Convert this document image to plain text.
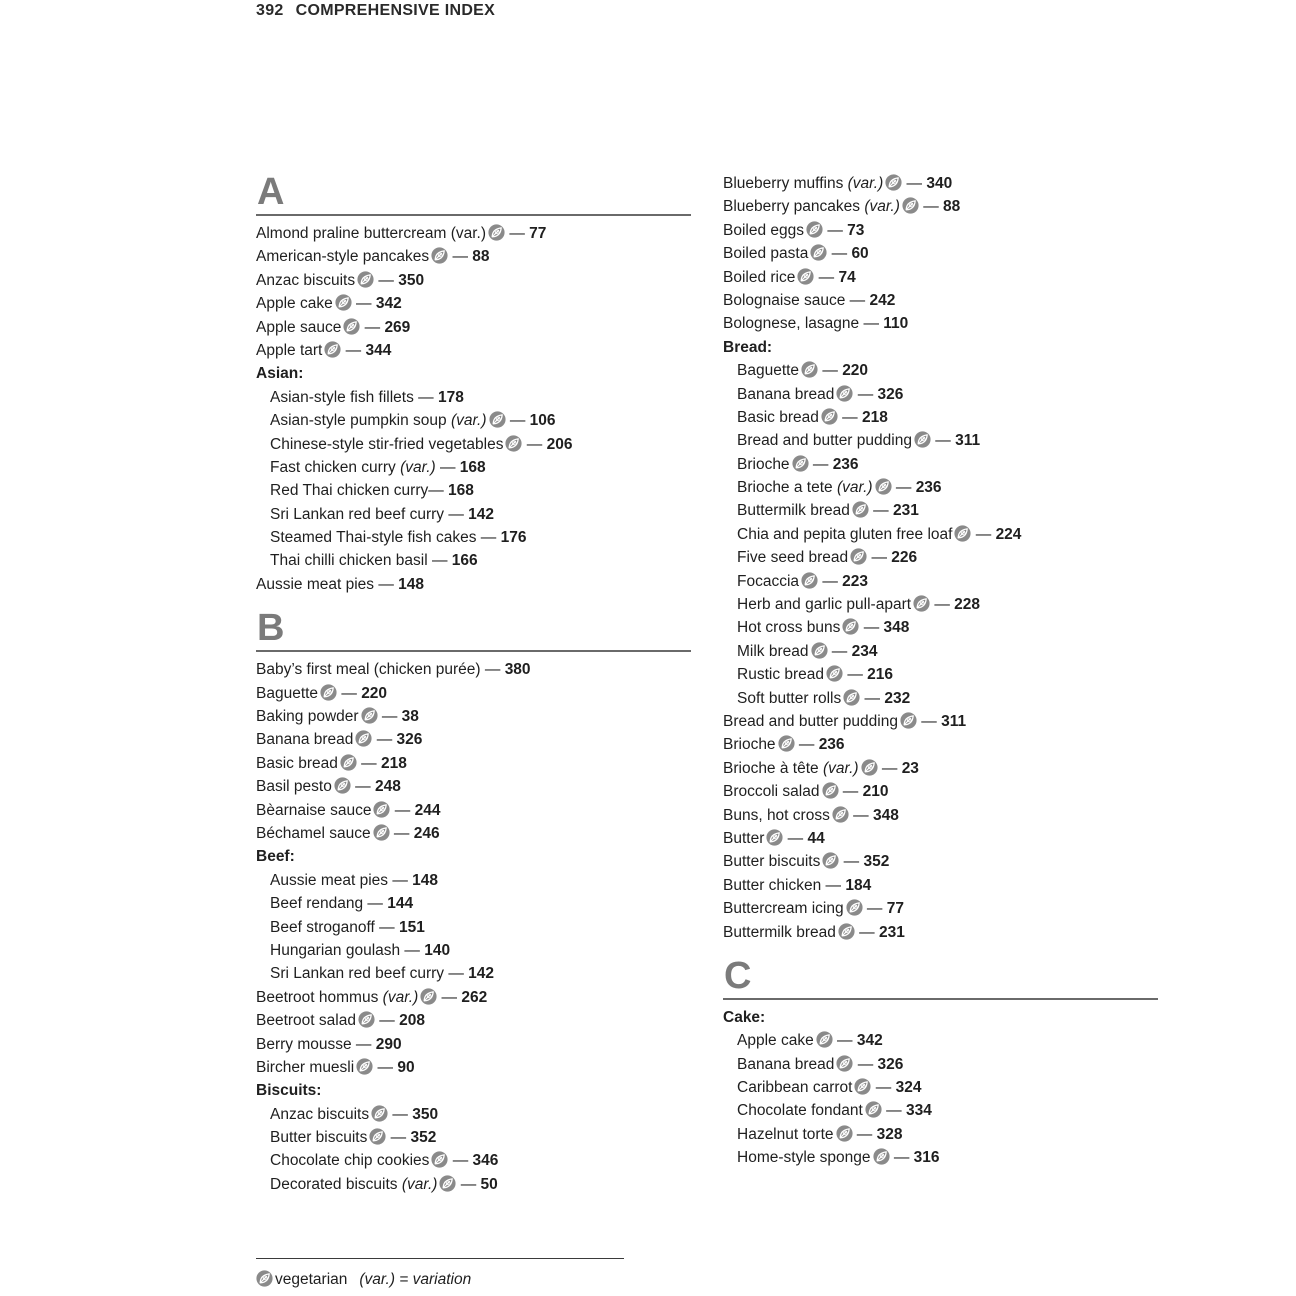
392 COMPREHENSIVE INDEX
A
Almond praline buttercream (var.)
— 77
American-style pancakes
— 88
Anzac biscuits
— 350
Apple cake
— 342
Apple sauce
— 269
Apple tart
— 344
Asian:
Asian-style fish fillets — 178
Asian-style pumpkin soup (var.)
— 106
Chinese-style stir-fried vegetables
— 206
Fast chicken curry (var.) — 168
Red Thai chicken curry— 168
Sri Lankan red beef curry — 142
Steamed Thai-style fish cakes — 176
Thai chilli chicken basil — 166
Aussie meat pies — 148
B
Baby’s first meal (chicken purée) — 380
Baguette
— 220
Baking powder
— 38
Banana bread
— 326
Basic bread
— 218
Basil pesto
— 248
Bèarnaise sauce
— 244
Béchamel sauce
— 246
Beef:
Aussie meat pies — 148
Beef rendang — 144
Beef stroganoff — 151
Hungarian goulash — 140
Sri Lankan red beef curry — 142
Beetroot hommus (var.)
— 262
Beetroot salad
— 208
Berry mousse — 290
Bircher muesli
— 90
Biscuits:
Anzac biscuits
— 350
Butter biscuits
— 352
Chocolate chip cookies
— 346
Decorated biscuits (var.)
— 50
Blueberry muffins (var.)
— 340
Blueberry pancakes (var.)
— 88
Boiled eggs
— 73
Boiled pasta
— 60
Boiled rice
— 74
Bolognaise sauce — 242
Bolognese, lasagne — 110
Bread:
Baguette
— 220
Banana bread
— 326
Basic bread
— 218
Bread and butter pudding
— 311
Brioche
— 236
Brioche a tete (var.)
— 236
Buttermilk bread
— 231
Chia and pepita gluten free loaf
— 224
Five seed bread
— 226
Focaccia
— 223
Herb and garlic pull-apart
— 228
Hot cross buns
— 348
Milk bread
— 234
Rustic bread
— 216
Soft butter rolls
— 232
Bread and butter pudding
— 311
Brioche
— 236
Brioche à tête (var.)
— 23
Broccoli salad
— 210
Buns, hot cross
— 348
Butter
— 44
Butter biscuits
— 352
Butter chicken — 184
Buttercream icing
— 77
Buttermilk bread
— 231
C
Cake:
Apple cake
— 342
Banana bread
— 326
Caribbean carrot
— 324
Chocolate fondant
— 334
Hazelnut torte
— 328
Home-style sponge
— 316
vegetarian (var.) = variation
